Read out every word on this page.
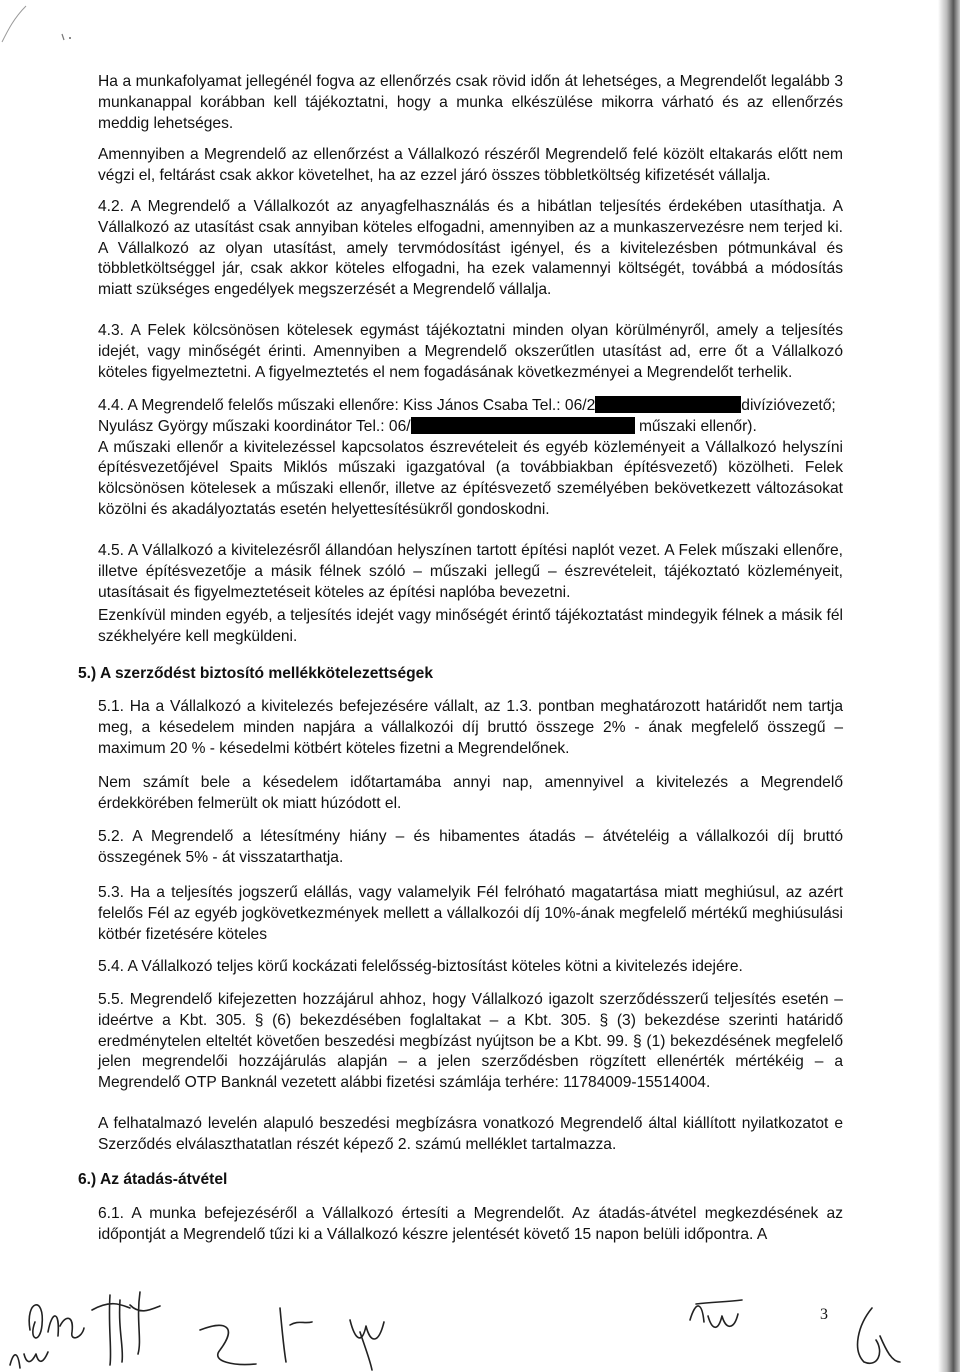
Ha a munkafolyamat jellegénél fogva az ellenőrzés csak rövid időn át lehetséges, a Megrendelőt legalább 3 munkanappal korábban kell tájékoztatni, hogy a munka elkészülése mikorra várható és az ellenőrzés meddig lehetséges.

Amennyiben a Megrendelő az ellenőrzést a Vállalkozó részéről Megrendelő felé közölt eltakarás előtt nem végzi el, feltárást csak akkor követelhet, ha az ezzel járó összes többletköltség kifizetését vállalja.

4.2. A Megrendelő a Vállalkozót az anyagfelhasználás és a hibátlan teljesítés érdekében utasíthatja. A Vállalkozó az utasítást csak annyiban köteles elfogadni, amennyiben az a munkaszervezésre nem terjed ki. A Vállalkozó az olyan utasítást, amely tervmódosítást igényel, és a kivitelezésben pótmunkával és többletköltséggel jár, csak akkor köteles elfogadni, ha ezek valamennyi költségét, továbbá a módosítás miatt szükséges engedélyek megszerzését a Megrendelő vállalja.

4.3. A Felek kölcsönösen kötelesek egymást tájékoztatni minden olyan körülményről, amely a teljesítés idejét, vagy minőségét érinti. Amennyiben a Megrendelő okszerűtlen utasítást ad, erre őt a Vállalkozó köteles figyelmeztetni. A figyelmeztetés el nem fogadásának következményei a Megrendelőt terhelik.

4.4. A Megrendelő felelős műszaki ellenőre: Kiss János Csaba Tel.: 06/2	divízióvezető;
Nyulász György műszaki koordinátor Tel.: 06/	műszaki ellenőr).
A műszaki ellenőr a kivitelezéssel kapcsolatos észrevételeit és egyéb közleményeit a Vállalkozó helyszíni építésvezetőjével Spaits Miklós műszaki igazgatóval (a továbbiakban építésvezető) közölheti. Felek kölcsönösen kötelesek a műszaki ellenőr, illetve az építésvezető személyében bekövetkezett változásokat közölni és akadályoztatás esetén helyettesítésükről gondoskodni.

4.5. A Vállalkozó a kivitelezésről állandóan helyszínen tartott építési naplót vezet. A Felek műszaki ellenőre, illetve építésvezetője a másik félnek szóló – műszaki jellegű – észrevételeit, tájékoztató közleményeit, utasításait és figyelmeztetéseit köteles az építési naplóba bevezetni.

Ezenkívül minden egyéb, a teljesítés idejét vagy minőségét érintő tájékoztatást mindegyik félnek a másik fél székhelyére kell megküldeni.

5.) A szerződést biztosító mellékkötelezettségek

5.1. Ha a Vállalkozó a kivitelezés befejezésére vállalt, az 1.3. pontban meghatározott határidőt nem tartja meg, a késedelem minden napjára a vállalkozói díj bruttó összege 2% - ának megfelelő összegű – maximum 20 % - késedelmi kötbért köteles fizetni a Megrendelőnek.

Nem számít bele a késedelem időtartamába annyi nap, amennyivel a kivitelezés a Megrendelő érdekkörében felmerült ok miatt húzódott el.

5.2. A Megrendelő a létesítmény hiány – és hibamentes átadás – átvételéig a vállalkozói díj bruttó összegének 5% - át visszatarthatja.

5.3. Ha a teljesítés jogszerű elállás, vagy valamelyik Fél felróható magatartása miatt meghiúsul, az azért felelős Fél az egyéb jogkövetkezmények mellett a vállalkozói díj 10%-ának megfelelő mértékű meghiúsulási kötbér fizetésére köteles

5.4. A Vállalkozó teljes körű kockázati felelősség-biztosítást köteles kötni a kivitelezés idejére.

5.5. Megrendelő kifejezetten hozzájárul ahhoz, hogy Vállalkozó igazolt szerződésszerű teljesítés esetén – ideértve a Kbt. 305. § (6) bekezdésében foglaltakat – a Kbt. 305. § (3) bekezdése szerinti határidő eredménytelen elteltét követően beszedési megbízást nyújtson be a Kbt. 99. § (1) bekezdésének megfelelő jelen megrendelői hozzájárulás alapján – a jelen szerződésben rögzített ellenérték mértékéig – a Megrendelő OTP Banknál vezetett alábbi fizetési számlája terhére: 11784009-15514004.

A felhatalmazó levelén alapuló beszedési megbízásra vonatkozó Megrendelő által kiállított nyilatkozatot e Szerződés elválaszthatatlan részét képező 2. számú melléklet tartalmazza.

6.) Az átadás-átvétel

6.1. A munka befejezéséről a Vállalkozó értesíti a Megrendelőt. Az átadás-átvétel megkezdésének az időpontját a Megrendelő tűzi ki a Vállalkozó készre jelentését követő 15 napon belüli időpontra. A

3
